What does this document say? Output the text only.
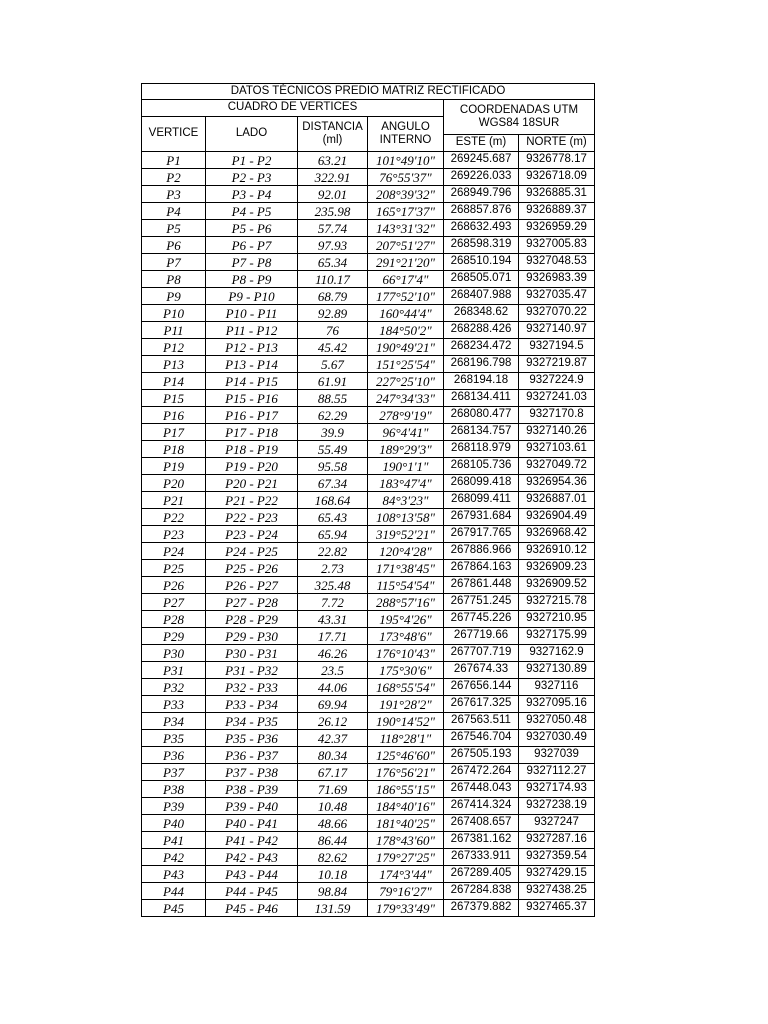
DATOS TÉCNICOS PREDIO MATRIZ RECTIFICADO					
CUADRO DE VERTICES				COORDENADAS UTM WGS84 18SUR	
VERTICE	LADO	DISTANCIA (ml)	ANGULO INTERNO		
				ESTE (m)	NORTE (m)
P1	P1 - P2	63.21	101°49'10"	269245.687	9326778.17
P2	P2 - P3	322.91	76°55'37"	269226.033	9326718.09
P3	P3 - P4	92.01	208°39'32"	268949.796	9326885.31
P4	P4 - P5	235.98	165°17'37"	268857.876	9326889.37
P5	P5 - P6	57.74	143°31'32"	268632.493	9326959.29
P6	P6 - P7	97.93	207°51'27"	268598.319	9327005.83
P7	P7 - P8	65.34	291°21'20"	268510.194	9327048.53
P8	P8 - P9	110.17	66°17'4"	268505.071	9326983.39
P9	P9 - P10	68.79	177°52'10"	268407.988	9327035.47
P10	P10 - P11	92.89	160°44'4"	268348.62	9327070.22
P11	P11 - P12	76	184°50'2"	268288.426	9327140.97
P12	P12 - P13	45.42	190°49'21"	268234.472	9327194.5
P13	P13 - P14	5.67	151°25'54"	268196.798	9327219.87
P14	P14 - P15	61.91	227°25'10"	268194.18	9327224.9
P15	P15 - P16	88.55	247°34'33"	268134.411	9327241.03
P16	P16 - P17	62.29	278°9'19"	268080.477	9327170.8
P17	P17 - P18	39.9	96°4'41"	268134.757	9327140.26
P18	P18 - P19	55.49	189°29'3"	268118.979	9327103.61
P19	P19 - P20	95.58	190°1'1"	268105.736	9327049.72
P20	P20 - P21	67.34	183°47'4"	268099.418	9326954.36
P21	P21 - P22	168.64	84°3'23"	268099.411	9326887.01
P22	P22 - P23	65.43	108°13'58"	267931.684	9326904.49
P23	P23 - P24	65.94	319°52'21"	267917.765	9326968.42
P24	P24 - P25	22.82	120°4'28"	267886.966	9326910.12
P25	P25 - P26	2.73	171°38'45"	267864.163	9326909.23
P26	P26 - P27	325.48	115°54'54"	267861.448	9326909.52
P27	P27 - P28	7.72	288°57'16"	267751.245	9327215.78
P28	P28 - P29	43.31	195°4'26"	267745.226	9327210.95
P29	P29 - P30	17.71	173°48'6"	267719.66	9327175.99
P30	P30 - P31	46.26	176°10'43"	267707.719	9327162.9
P31	P31 - P32	23.5	175°30'6"	267674.33	9327130.89
P32	P32 - P33	44.06	168°55'54"	267656.144	9327116
P33	P33 - P34	69.94	191°28'2"	267617.325	9327095.16
P34	P34 - P35	26.12	190°14'52"	267563.511	9327050.48
P35	P35 - P36	42.37	118°28'1"	267546.704	9327030.49
P36	P36 - P37	80.34	125°46'60"	267505.193	9327039
P37	P37 - P38	67.17	176°56'21"	267472.264	9327112.27
P38	P38 - P39	71.69	186°55'15"	267448.043	9327174.93
P39	P39 - P40	10.48	184°40'16"	267414.324	9327238.19
P40	P40 - P41	48.66	181°40'25"	267408.657	9327247
P41	P41 - P42	86.44	178°43'60"	267381.162	9327287.16
P42	P42 - P43	82.62	179°27'25"	267333.911	9327359.54
P43	P43 - P44	10.18	174°3'44"	267289.405	9327429.15
P44	P44 - P45	98.84	79°16'27"	267284.838	9327438.25
P45	P45 - P46	131.59	179°33'49"	267379.882	9327465.37
